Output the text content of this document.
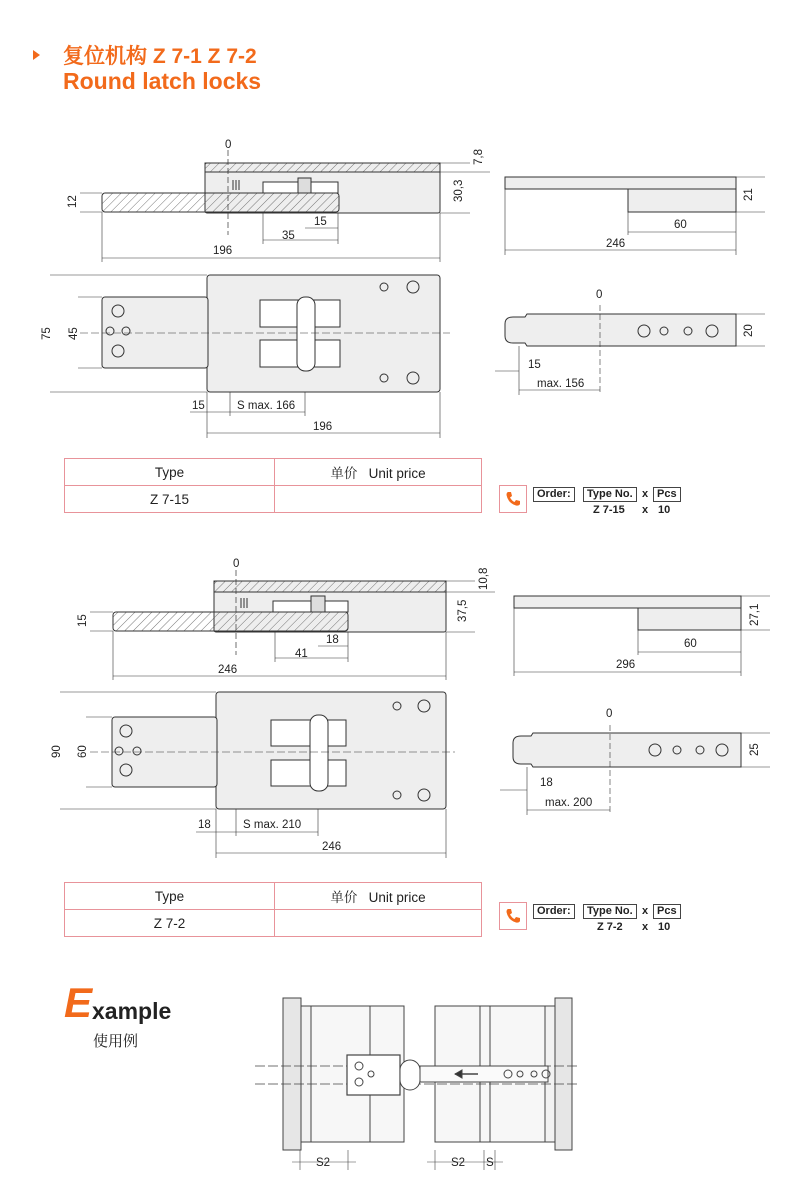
复位机构 Z 7-1 Z 7-2
Round latch locks
0
7,8
30,3
12
15
35
196
21
60
246
75 45
15	S max. 166
196
0
20
15
max. 156
Type	单价 Unit price
Z 7-15		Order:	Type No. x Pcs
Z 7-15 x 10
0
10,8
37,5
15
18
41
246
27,1
60
296
90 60
18	S max. 210
246
0
25
18
max. 200
Type	单价 Unit price
Z 7-2	
Order:	Type No. x Pcs
Z 7-2 x 10
E xample
使用例
S2	S2 S
